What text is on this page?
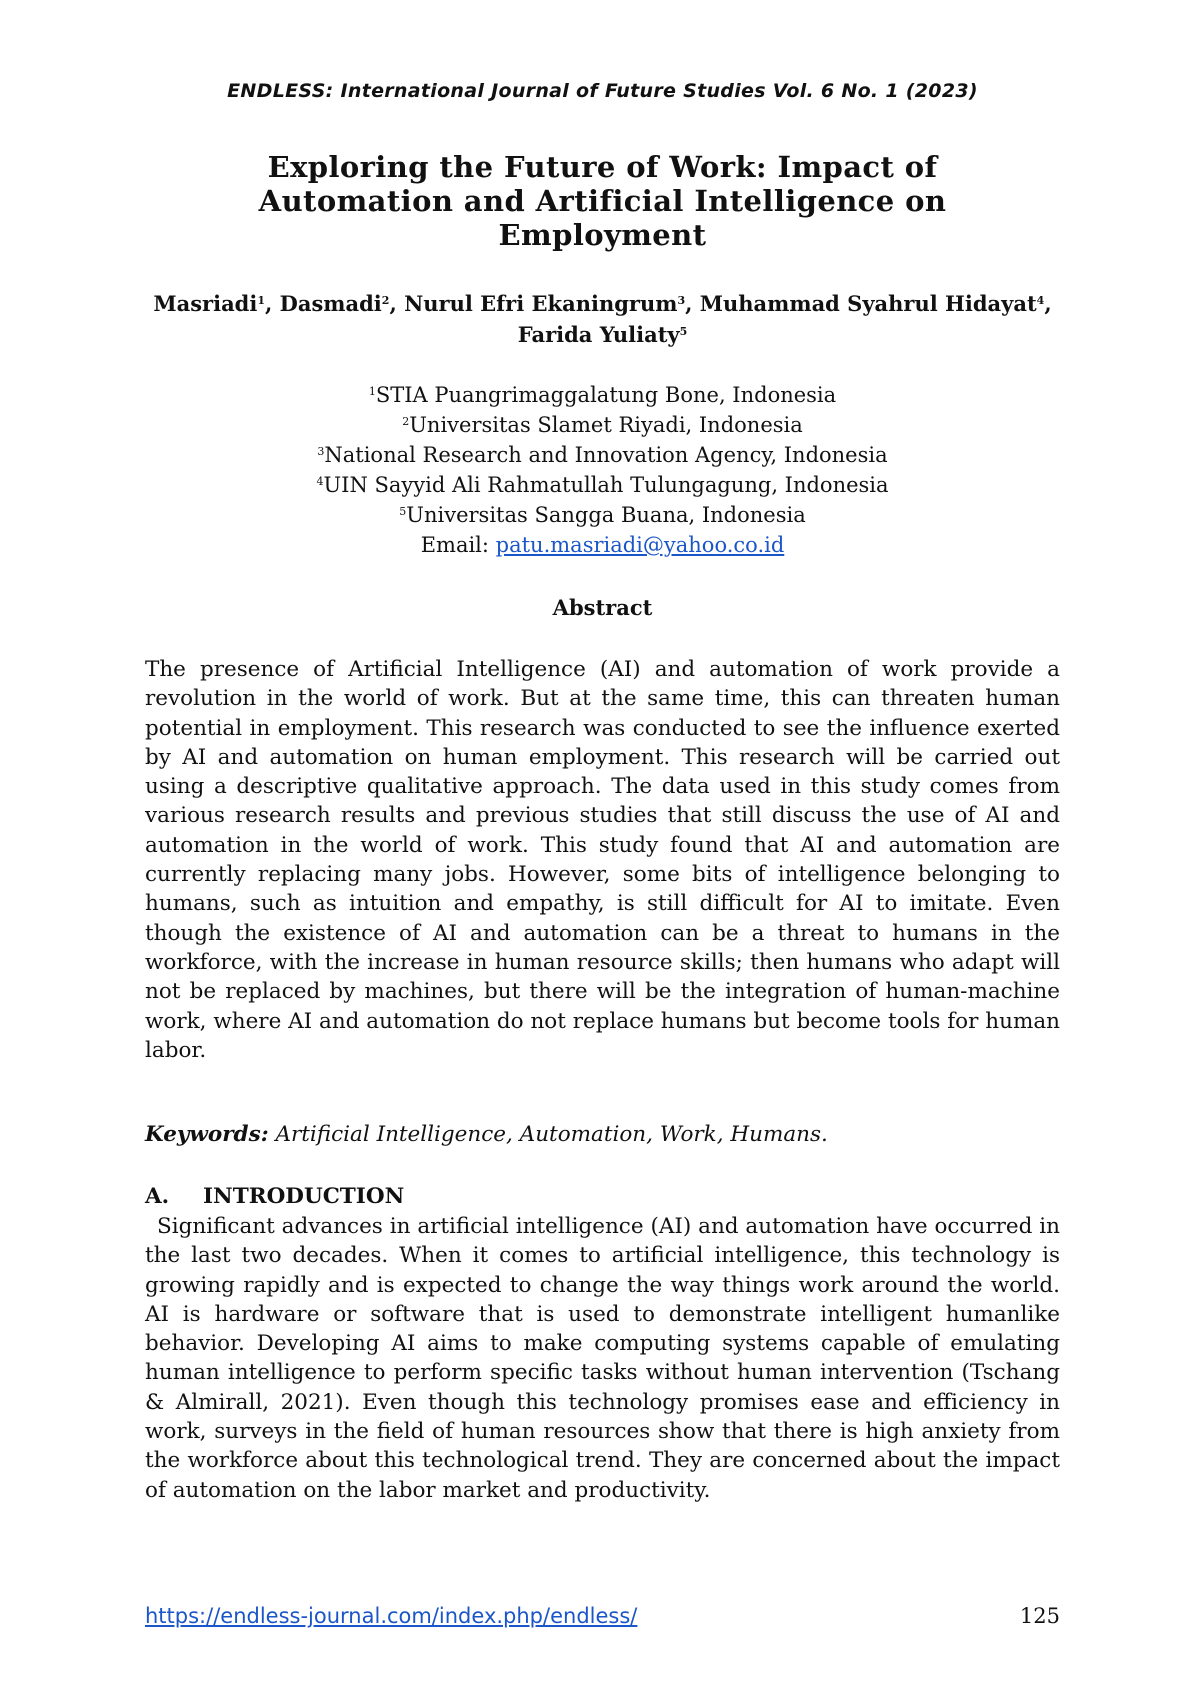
ENDLESS: International Journal of Future Studies Vol. 6 No. 1 (2023)
Exploring the Future of Work: Impact of Automation and Artificial Intelligence on Employment
Masriadi$^1$, Dasmadi$^2$, Nurul Efri Ekaningrum$^3$, Muhammad Syahrul Hidayat$^4$,
Farida Yuliaty$^5$
$^1$STIA Puangrimaggalatung Bone, Indonesia
$^2$Universitas Slamet Riyadi, Indonesia
$^3$National Research and Innovation Agency, Indonesia
$^4$UIN Sayyid Ali Rahmatullah Tulungagung, Indonesia
$^5$Universitas Sangga Buana, Indonesia
Email: patu.masriadi@yahoo.co.id
Abstract

The presence of Artificial Intelligence (AI) and automation of work provide a revolution in the world of work. But at the same time, this can threaten human potential in employment. This research was conducted to see the influence exerted by AI and automation on human employment. This research will be carried out using a descriptive qualitative approach. The data used in this study comes from various research results and previous studies that still discuss the use of AI and automation in the world of work. This study found that AI and automation are currently replacing many jobs. However, some bits of intelligence belonging to humans, such as intuition and empathy, is still difficult for AI to imitate. Even though the existence of AI and automation can be a threat to humans in the workforce, with the increase in human resource skills; then humans who adapt will not be replaced by machines, but there will be the integration of human-machine work, where AI and automation do not replace humans but become tools for human labor.

Keywords: Artificial Intelligence, Automation, Work, Humans.
A. INTRODUCTION

Significant advances in artificial intelligence (AI) and automation have occurred in the last two decades. When it comes to artificial intelligence, this technology is growing rapidly and is expected to change the way things work around the world. AI is hardware or software that is used to demonstrate intelligent humanlike behavior. Developing AI aims to make computing systems capable of emulating human intelligence to perform specific tasks without human intervention (Tschang & Almirall, 2021). Even though this technology promises ease and efficiency in work, surveys in the field of human resources show that there is high anxiety from the workforce about this technological trend. They are concerned about the impact of automation on the labor market and productivity.

https://endless-journal.com/index.php/endless/	125
